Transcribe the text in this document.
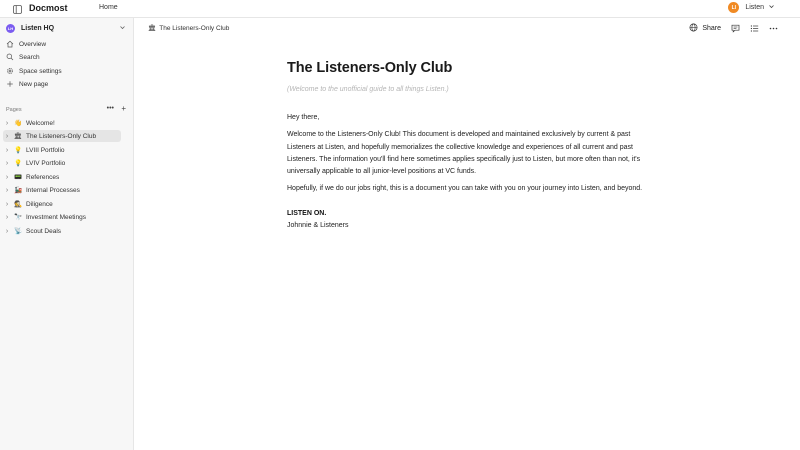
Docmost	Home	LI	Listen
LH Listen HQ
Overview
Search
Space settings
New page
Pages	••• +
› 👋 Welcome!
› 🏛 The Listeners-Only Club
› 💡 LVIII Portfolio
› 💡 LVIV Portfolio
› 📟 References
› 🚂 Internal Processes
› 🕵 Diligence
› 🔭 Investment Meetings
› 📡 Scout Deals
🏛 The Listeners-Only Club	Share
The Listeners-Only Club
(Welcome to the unofficial guide to all things Listen.)

Hey there,

Welcome to the Listeners-Only Club! This document is developed and maintained exclusively by current & past Listeners at Listen, and hopefully memorializes the collective knowledge and experiences of all current and past Listeners. The information you'll find here sometimes applies specifically just to Listen, but more often than not, it's universally applicable to all junior-level positions at VC funds.

Hopefully, if we do our jobs right, this is a document you can take with you on your journey into Listen, and beyond.

LISTEN ON.
Johnnie & Listeners
